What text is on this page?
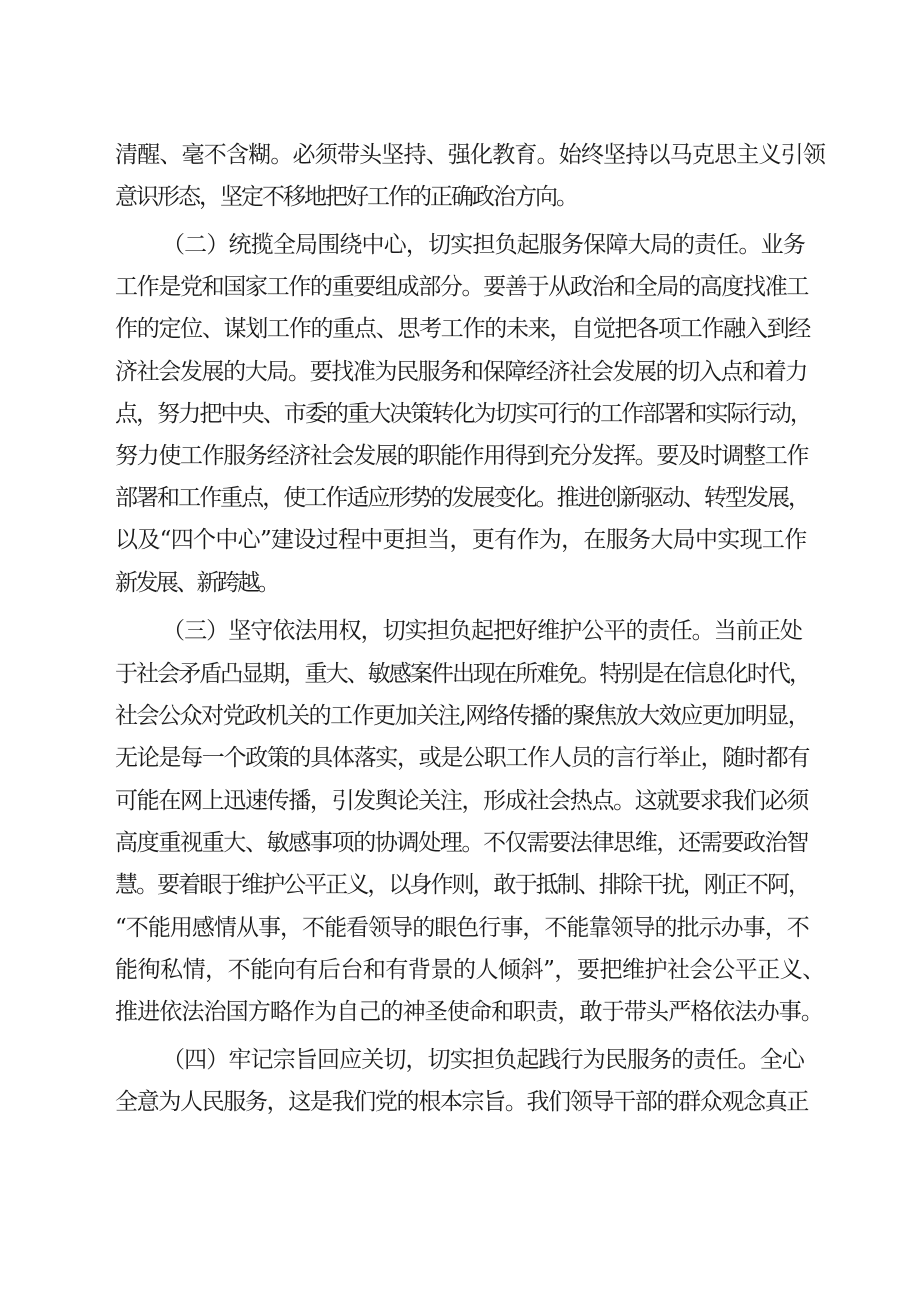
清醒、毫不含糊。必须带头坚持、强化教育。始终坚持以马克思主义引领

意识形态，坚定不移地把好工作的正确政治方向。

（二）统揽全局围绕中心，切实担负起服务保障大局的责任。业务

工作是党和国家工作的重要组成部分。要善于从政治和全局的高度找准工

作的定位、谋划工作的重点、思考工作的未来，自觉把各项工作融入到经

济社会发展的大局。要找准为民服务和保障经济社会发展的切入点和着力

点，努力把中央、市委的重大决策转化为切实可行的工作部署和实际行动，

努力使工作服务经济社会发展的职能作用得到充分发挥。要及时调整工作

部署和工作重点，使工作适应形势的发展变化。推进创新驱动、转型发展，

以及“四个中心”建设过程中更担当，更有作为，在服务大局中实现工作

新发展、新跨越。

（三）坚守依法用权，切实担负起把好维护公平的责任。当前正处

于社会矛盾凸显期，重大、敏感案件出现在所难免。特别是在信息化时代，

社会公众对党政机关的工作更加关注,网络传播的聚焦放大效应更加明显，

无论是每一个政策的具体落实，或是公职工作人员的言行举止，随时都有

可能在网上迅速传播，引发舆论关注，形成社会热点。这就要求我们必须

高度重视重大、敏感事项的协调处理。不仅需要法律思维，还需要政治智

慧。要着眼于维护公平正义，以身作则，敢于抵制、排除干扰，刚正不阿，

“不能用感情从事，不能看领导的眼色行事，不能靠领导的批示办事，不

能徇私情，不能向有后台和有背景的人倾斜”，要把维护社会公平正义、

推进依法治国方略作为自己的神圣使命和职责，敢于带头严格依法办事。

（四）牢记宗旨回应关切，切实担负起践行为民服务的责任。全心

全意为人民服务，这是我们党的根本宗旨。我们领导干部的群众观念真正
